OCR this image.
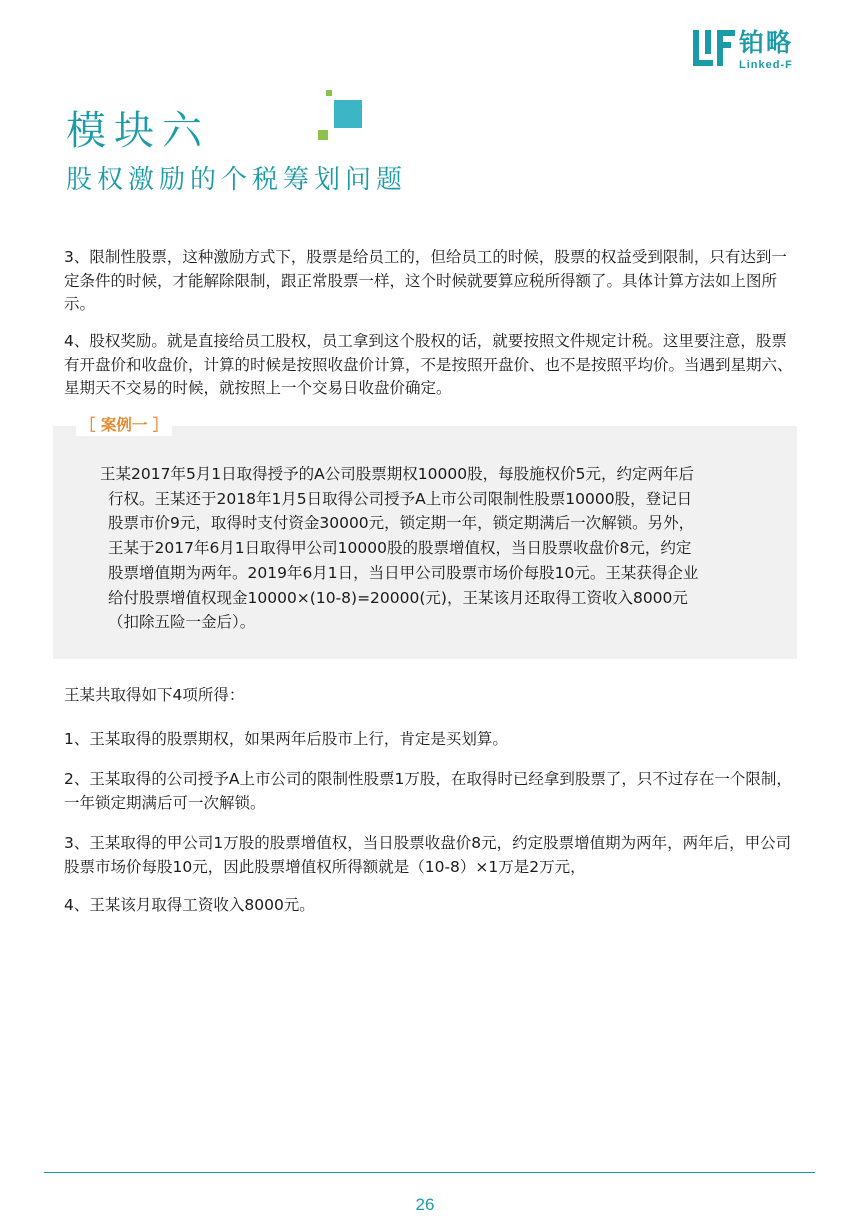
铂略
Linked-F
模块六
股权激励的个税筹划问题
3、限制性股票，这种激励方式下，股票是给员工的，但给员工的时候，股票的权益受到限制，只有达到一定条件的时候，才能解除限制，跟正常股票一样，这个时候就要算应税所得额了。具体计算方法如上图所示。
4、股权奖励。就是直接给员工股权，员工拿到这个股权的话，就要按照文件规定计税。这里要注意，股票有开盘价和收盘价，计算的时候是按照收盘价计算，不是按照开盘价、也不是按照平均价。当遇到星期六、星期天不交易的时候，就按照上一个交易日收盘价确定。
［ 案例一 ］
王某2017年5月1日取得授予的A公司股票期权10000股，每股施权价5元，约定两年后
行权。王某还于2018年1月5日取得公司授予A上市公司限制性股票10000股，登记日
股票市价9元，取得时支付资金30000元，锁定期一年，锁定期满后一次解锁。另外，
王某于2017年6月1日取得甲公司10000股的股票增值权，当日股票收盘价8元，约定
股票增值期为两年。2019年6月1日，当日甲公司股票市场价每股10元。王某获得企业
给付股票增值权现金10000×(10-8)=20000(元)，王某该月还取得工资收入8000元
（扣除五险一金后）。
王某共取得如下4项所得：
1、王某取得的股票期权，如果两年后股市上行，肯定是买划算。
2、王某取得的公司授予A上市公司的限制性股票1万股，在取得时已经拿到股票了，只不过存在一个限制，一年锁定期满后可一次解锁。
3、王某取得的甲公司1万股的股票增值权，当日股票收盘价8元，约定股票增值期为两年，两年后，甲公司股票市场价每股10元，因此股票增值权所得额就是（10-8）×1万是2万元，
4、王某该月取得工资收入8000元。
26
